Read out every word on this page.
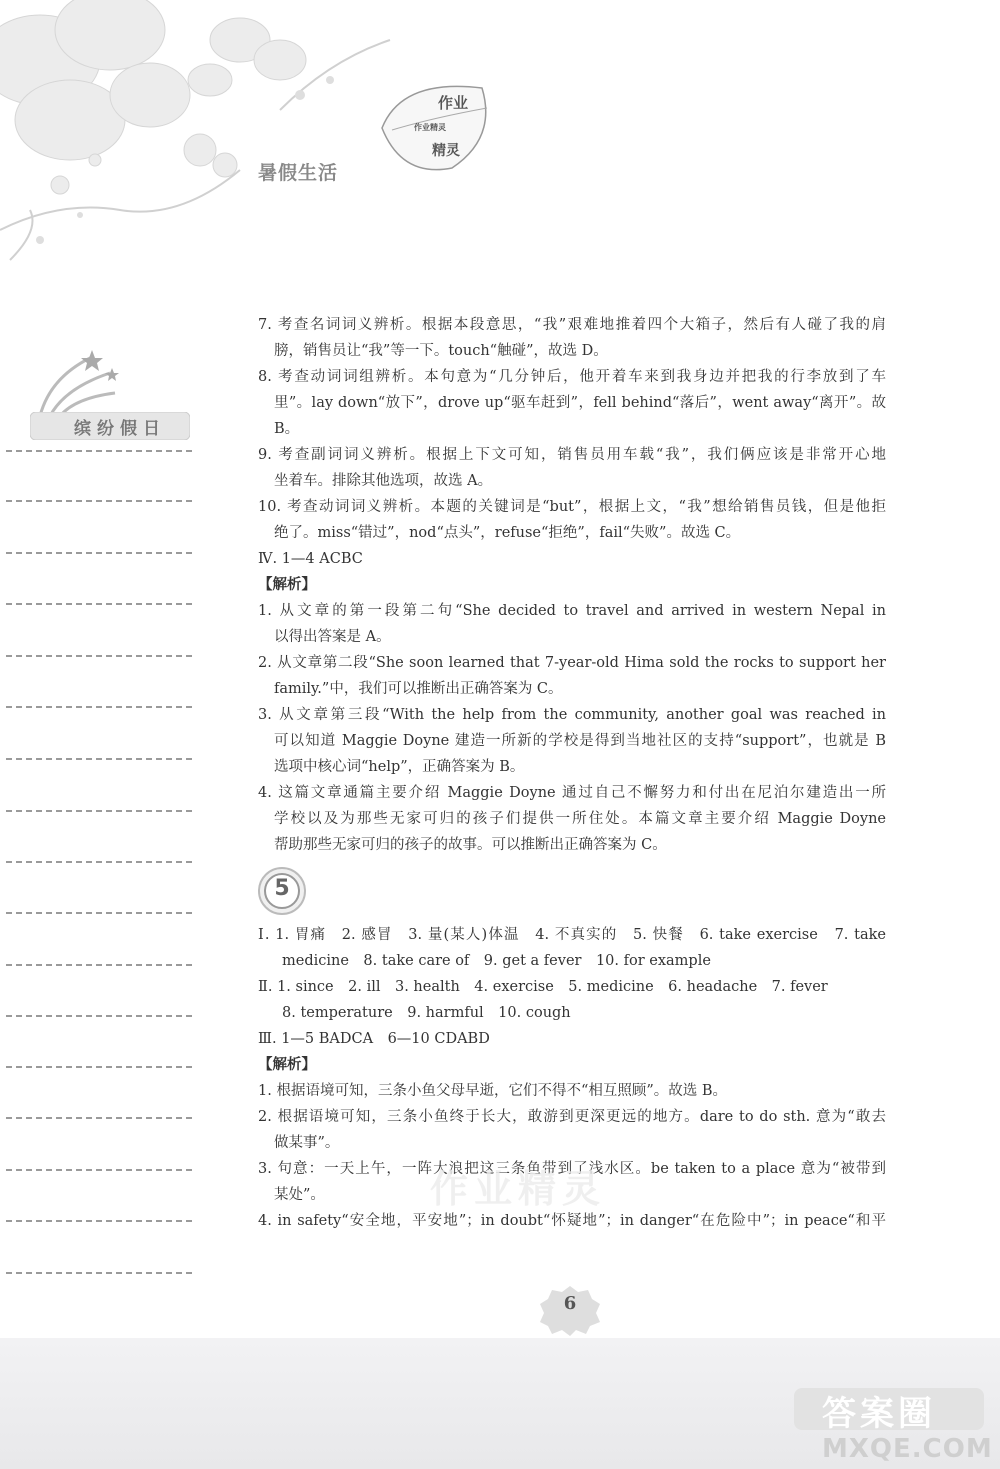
暑假生活
作业
作业精灵
精灵
缤纷假日
7. 考查名词词义辨析。根据本段意思，“我”艰难地推着四个大箱子，然后有人碰了我的肩
膀，销售员让“我”等一下。touch“触碰”，故选 D。
8. 考查动词词组辨析。本句意为“几分钟后，他开着车来到我身边并把我的行李放到了车
里”。lay down“放下”，drove up“驱车赶到”，fell behind“落后”，went away“离开”。故
B。
9. 考查副词词义辨析。根据上下文可知，销售员用车载“我”，我们俩应该是非常开心地
坐着车。排除其他选项，故选 A。
10. 考查动词词义辨析。本题的关键词是“but”，根据上文，“我”想给销售员钱，但是他拒
绝了。miss“错过”，nod“点头”，refuse“拒绝”，fail“失败”。故选 C。
Ⅳ. 1—4 ACBC
【解析】
1. 从文章的第一段第二句“She decided to travel and arrived in western Nepal in
以得出答案是 A。
2. 从文章第二段“She soon learned that 7-year-old Hima sold the rocks to support her
family.”中，我们可以推断出正确答案为 C。
3. 从文章第三段“With the help from the community, another goal was reached in
可以知道 Maggie Doyne 建造一所新的学校是得到当地社区的支持“support”，也就是 B
选项中核心词“help”，正确答案为 B。
4. 这篇文章通篇主要介绍 Maggie Doyne 通过自己不懈努力和付出在尼泊尔建造出一所
学校以及为那些无家可归的孩子们提供一所住处。本篇文章主要介绍 Maggie Doyne
帮助那些无家可归的孩子的故事。可以推断出正确答案为 C。
5
Ⅰ. 1. 胃痛　2. 感冒　3. 量(某人)体温　4. 不真实的　5. 快餐　6. take exercise　7. take
medicine　8. take care of　9. get a fever　10. for example
Ⅱ. 1. since　2. ill　3. health　4. exercise　5. medicine　6. headache　7. fever
8. temperature　9. harmful　10. cough
Ⅲ. 1—5 BADCA　6—10 CDABD
【解析】
1. 根据语境可知，三条小鱼父母早逝，它们不得不“相互照顾”。故选 B。
2. 根据语境可知，三条小鱼终于长大，敢游到更深更远的地方。dare to do sth. 意为“敢去
做某事”。
3. 句意：一天上午，一阵大浪把这三条鱼带到了浅水区。be taken to a place 意为“被带到
某处”。
4. in safety“安全地，平安地”；in doubt“怀疑地”；in danger“在危险中”；in peace“和平
作业精灵
6
答案圈
MXQE.COM
